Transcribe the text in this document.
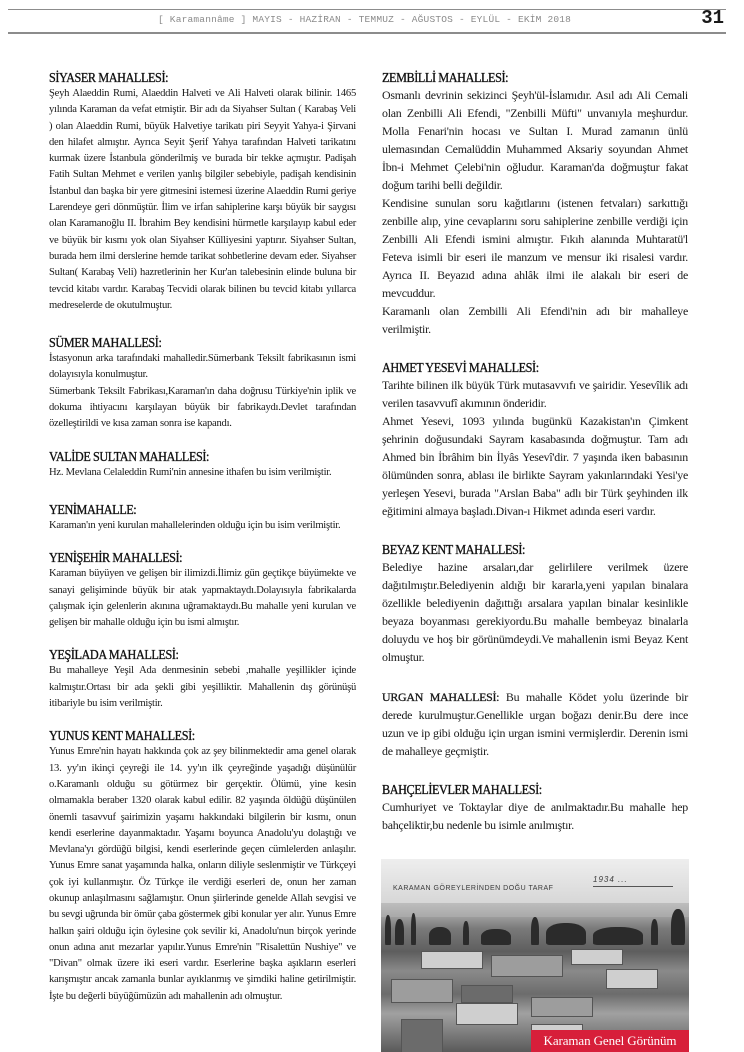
[ Karamannâme ] MAYIS - HAZİRAN - TEMMUZ - AĞUSTOS - EYLÜL - EKİM 2018	31
SİYASER MAHALLESİ:

Şeyh Alaeddin Rumi, Alaeddin Halveti ve Ali Halveti olarak bilinir. 1465 yılında Karaman da vefat etmiştir. Bir adı da Siyahser Sultan ( Karabaş Veli ) olan Alaeddin Rumi, büyük Halvetiye tarikatı piri Seyyit Yahya-i Şirvani den hilafet almıştır. Ayrıca Seyit Şerif Yahya tarafından Halveti tarikatını kurmak üzere İstanbula gönderilmiş ve burada bir tekke açmıştır. Padişah Fatih Sultan Mehmet e verilen yanlış bilgiler sebebiyle, padişah kendisinin İstanbul dan başka bir yere gitmesini istemesi üzerine Alaeddin Rumi geriye Larendeye geri dönmüştür. İlim ve irfan sahiplerine karşı büyük bir saygısı olan Karamanoğlu II. İbrahim Bey kendisini hürmetle karşılayıp kabul eder ve büyük bir kısmı yok olan Siyahser Külliyesini yaptırır. Siyahser Sultan, burada hem ilmi derslerine hemde tarikat sohbetlerine devam eder. Siyahser Sultan( Karabaş Veli) hazretlerinin her Kur'an talebesinin elinde buluna bir tevcid kitabı vardır. Karabaş Tecvidi olarak bilinen bu tevcid kitabı yıllarca medreselerde de okutulmuştur.

SÜMER MAHALLESİ:

İstasyonun arka tarafındaki mahalledir.Sümerbank Teksilt fabrikasının ismi dolayısıyla konulmuştur.

Sümerbank Teksilt Fabrikası,Karaman'ın daha doğrusu Türkiye'nin iplik ve dokuma ihtiyacını karşılayan büyük bir fabrikaydı.Devlet tarafından özelleştirildi ve kısa zaman sonra ise kapandı.

VALİDE SULTAN MAHALLESİ:

Hz. Mevlana Celaleddin Rumi'nin annesine ithafen bu isim verilmiştir.

YENİMAHALLE:

Karaman'ın yeni kurulan mahallelerinden olduğu için bu isim verilmiştir.

YENİŞEHİR MAHALLESİ:

Karaman büyüyen ve gelişen bir ilimizdi.İlimiz gün geçtikçe büyümekte ve sanayi gelişiminde büyük bir atak yapmaktaydı.Dolayısıyla fabrikalarda çalışmak için gelenlerin akınına uğramaktaydı.Bu mahalle yeni kurulan ve gelişen bir mahalle olduğu için bu ismi almıştır.

YEŞİLADA MAHALLESİ:

Bu mahalleye Yeşil Ada denmesinin sebebi ,mahalle yeşillikler içinde kalmıştır.Ortası bir ada şekli gibi yeşilliktir. Mahallenin dış görünüşü itibariyle bu isim verilmiştir.

YUNUS KENT MAHALLESİ:

Yunus Emre'nin hayatı hakkında çok az şey bilinmektedir ama genel olarak 13. yy'ın ikinçi çeyreği ile 14. yy'ın ilk çeyreğinde yaşadığı düşünülür o.Karamanlı olduğu su götürmez bir gerçektir. Ölümü, yine kesin olmamakla beraber 1320 olarak kabul edilir. 82 yaşında öldüğü düşünülen önemli tasavvuf şairimizin yaşamı hakkındaki bilgilerin bir kısmı, onun kendi eserlerine dayanmaktadır. Yaşamı boyunca Anadolu'yu dolaştığı ve Mevlana'yı gördüğü bilgisi, kendi eserlerinde geçen cümlelerden anlaşılır. Yunus Emre sanat yaşamında halka, onların diliyle seslenmiştir ve Türkçeyi çok iyi kullanmıştır. Öz Türkçe ile verdiği eserleri de, onun her zaman okunup anlaşılmasını sağlamıştır. Onun şiirlerinde genelde Allah sevgisi ve bu sevgi uğrunda bir ömür çaba göstermek gibi konular yer alır. Yunus Emre halkın şairi olduğu için öylesine çok sevilir ki, Anadolu'nun birçok yerinde onun adına anıt mezarlar yapılır.Yunus Emre'nin "Risalettün Nushiye" ve "Divan" olmak üzere iki eseri vardır. Eserlerine başka aşıkların eserleri karışmıştır ancak zamanla bunlar ayıklanmış ve şimdiki haline getirilmiştir. İşte bu değerli büyüğümüzün adı mahallenin adı olmuştur.

ZEMBİLLİ MAHALLESİ:

Osmanlı devrinin sekizinci Şeyh'ül-İslamıdır. Asıl adı Ali Cemali olan Zenbilli Ali Efendi, "Zenbilli Müfti" unvanıyla meşhurdur. Molla Fenari'nin hocası ve Sultan I. Murad zamanın ünlü ulemasından Cemalüddin Muhammed Aksariy soyundan Ahmet İbn-i Mehmet Çelebi'nin oğludur. Karaman'da doğmuştur fakat doğum tarihi belli değildir.

Kendisine sunulan soru kağıtlarını (istenen fetvaları) sarkıttığı zenbille alıp, yine cevaplarını soru sahiplerine zenbille verdiği için Zenbilli Ali Efendi ismini almıştır. Fıkıh alanında Muhtaratü'l Feteva isimli bir eseri ile manzum ve mensur iki risalesi vardır. Ayrıca II. Beyazıd adına ahlâk ilmi ile alakalı bir eseri de mevcuddur.

Karamanlı olan Zembilli Ali Efendi'nin adı bir mahalleye verilmiştir.

AHMET YESEVİ MAHALLESİ:

Tarihte bilinen ilk büyük Türk mutasavvıfı ve şairidir. Yesevîlik adı verilen tasavvufî akımının önderidir.

Ahmet Yesevi, 1093 yılında bugünkü Kazakistan'ın Çimkent şehrinin doğusundaki Sayram kasabasında doğmuştur. Tam adı Ahmed bin İbrâhim bin İlyâs Yesevî'dir. 7 yaşında iken babasının ölümünden sonra, ablası ile birlikte Sayram yakınlarındaki Yesi'ye yerleşen Yesevi, burada "Arslan Baba" adlı bir Türk şeyhinden ilk eğitimini almaya başladı.Divan-ı Hikmet adında eseri vardır.

BEYAZ KENT MAHALLESİ:

Belediye hazine arsaları,dar gelirlilere verilmek üzere dağıtılmıştır.Belediyenin aldığı bir kararla,yeni yapılan binalara özellikle belediyenin dağıttığı arsalara yapılan binalar kesinlikle beyaza boyanması gerekiyordu.Bu mahalle bembeyaz binalarla doluydu ve hoş bir görünümdeydi.Ve mahallenin ismi Beyaz Kent olmuştur.

URGAN MAHALLESİ: Bu mahalle Ködet yolu üzerinde bir derede kurulmuştur.Genellikle urgan boğazı denir.Bu dere ince uzun ve ip gibi olduğu için urgan ismini vermişlerdir. Derenin ismi de mahalleye geçmiştir.

BAHÇELİEVLER MAHALLESİ:

Cumhuriyet ve Toktaylar diye de anılmaktadır.Bu mahalle hep bahçeliktir,bu nedenle bu isimle anılmıştır.

KARAMAN GÖREYLERİNDEN DOĞU TARAF
1934 ...
Karaman Genel Görünüm
